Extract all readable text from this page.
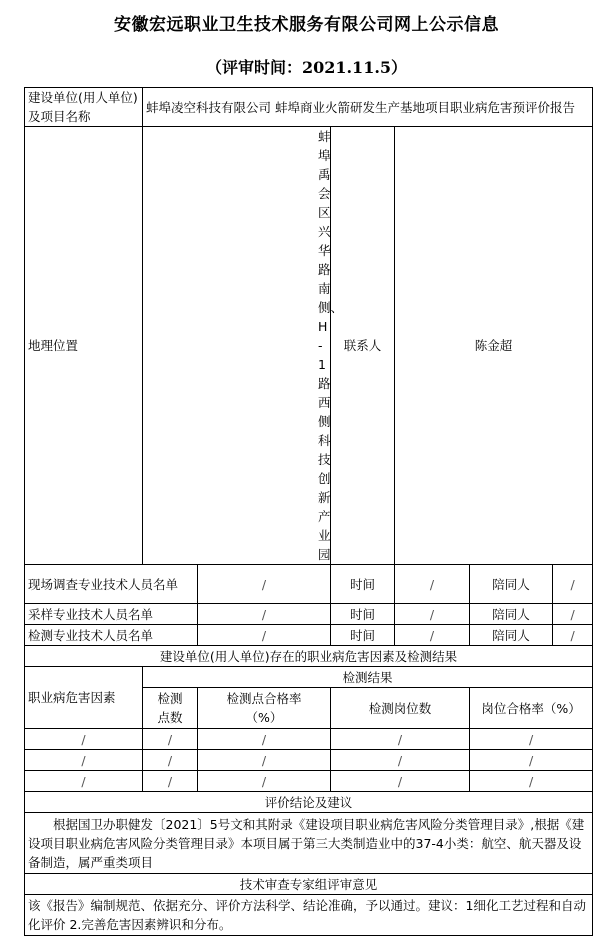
安徽宏远职业卫生技术服务有限公司网上公示信息
（评审时间：2021.11.5）
建设单位(用人单位)及项目名称	蚌埠凌空科技有限公司 蚌埠商业火箭研发生产基地项目职业病危害预评价报告					
地理位置	蚌埠禹会区兴华路南侧、H-1路西侧科技创新产业园		联系人	陈金超		
现场调查专业技术人员名单		/	时间	/	陪同人	/
采样专业技术人员名单		/	时间	/	陪同人	/
检测专业技术人员名单		/	时间	/	陪同人	/
建设单位(用人单位)存在的职业病危害因素及检测结果						
职业病危害因素	检测结果					
	检测点数	检测点合格率（%）	检测岗位数		岗位合格率（%）	
/	/	/	/		/	
/	/	/	/		/	
/	/	/	/		/	
评价结论及建议						
根据国卫办职健发〔2021〕5号文和其附录《建设项目职业病危害风险分类管理目录》,根据《建设项目职业病危害风险分类管理目录》本项目属于第三大类制造业中的37-4小类：航空、航天器及设备制造，属严重类项目						
技术审查专家组评审意见						
该《报告》编制规范、依据充分、评价方法科学、结论准确，予以通过。建议：1细化工艺过程和自动化评价 2.完善危害因素辨识和分布。						
